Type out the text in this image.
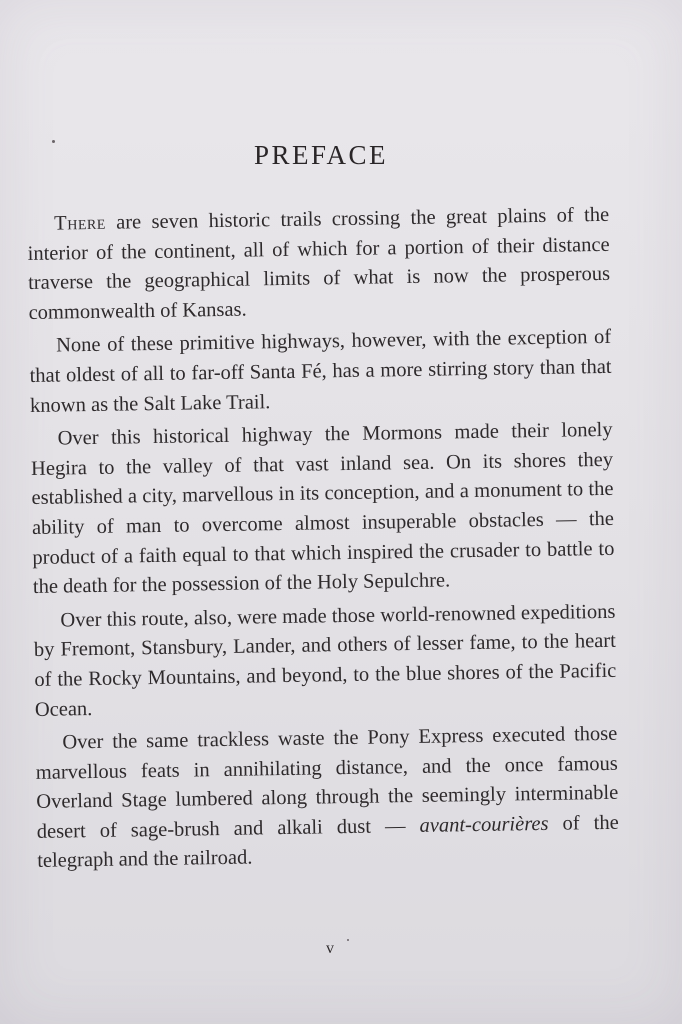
PREFACE

There are seven historic trails crossing the great plains of the interior of the continent, all of which for a portion of their distance traverse the geographical limits of what is now the prosperous commonwealth of Kansas.

None of these primitive highways, however, with the exception of that oldest of all to far-off Santa Fé, has a more stirring story than that known as the Salt Lake Trail.

Over this historical highway the Mormons made their lonely Hegira to the valley of that vast inland sea. On its shores they established a city, marvellous in its conception, and a monument to the ability of man to overcome almost insuperable obstacles — the product of a faith equal to that which inspired the crusader to battle to the death for the possession of the Holy Sepulchre.

Over this route, also, were made those world-renowned expeditions by Fremont, Stansbury, Lander, and others of lesser fame, to the heart of the Rocky Mountains, and beyond, to the blue shores of the Pacific Ocean.

Over the same trackless waste the Pony Express executed those marvellous feats in annihilating distance, and the once famous Overland Stage lumbered along through the seemingly interminable desert of sage-brush and alkali dust — avant-courières of the telegraph and the railroad.

v
